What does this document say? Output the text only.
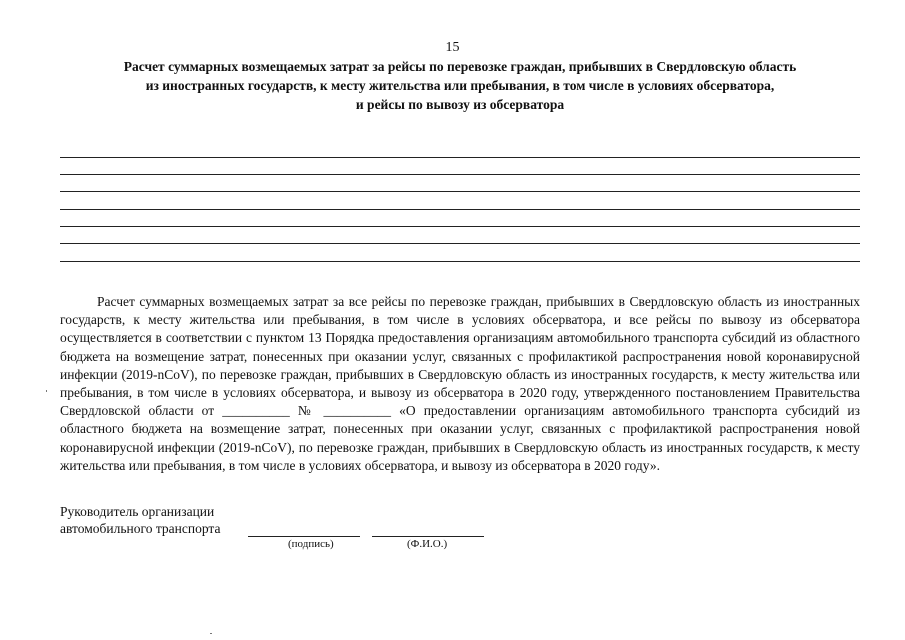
15
Расчет суммарных возмещаемых затрат за рейсы по перевозке граждан, прибывших в Свердловскую область
из иностранных государств, к месту жительства или пребывания, в том числе в условиях обсерватора,
и рейсы по вывозу из обсерватора

Расчет суммарных возмещаемых затрат за все рейсы по перевозке граждан, прибывших в Свердловскую область из иностранных государств, к месту жительства или пребывания, в том числе в условиях обсерватора, и все рейсы по вывозу из обсерватора осуществляется в соответствии с пунктом 13 Порядка предоставления организациям автомобильного транспорта субсидий из областного бюджета на возмещение затрат, понесенных при оказании услуг, связанных с профилактикой распространения новой коронавирусной инфекции (2019-nCoV), по перевозке граждан, прибывших в Свердловскую область из иностранных государств, к месту жительства или пребывания, в том числе в условиях обсерватора, и вывозу из обсерватора в 2020 году, утвержденного постановлением Правительства Свердловской области от __________ № __________ «О предоставлении организациям автомобильного транспорта субсидий из областного бюджета на возмещение затрат, понесенных при оказании услуг, связанных с профилактикой распространения новой коронавирусной инфекции (2019-nCoV), по перевозке граждан, прибывших в Свердловскую область из иностранных государств, к месту жительства или пребывания, в том числе в условиях обсерватора, и вывозу из обсерватора в 2020 году».

Руководитель организации
автомобильного транспорта
(подпись)	(Ф.И.О.)
